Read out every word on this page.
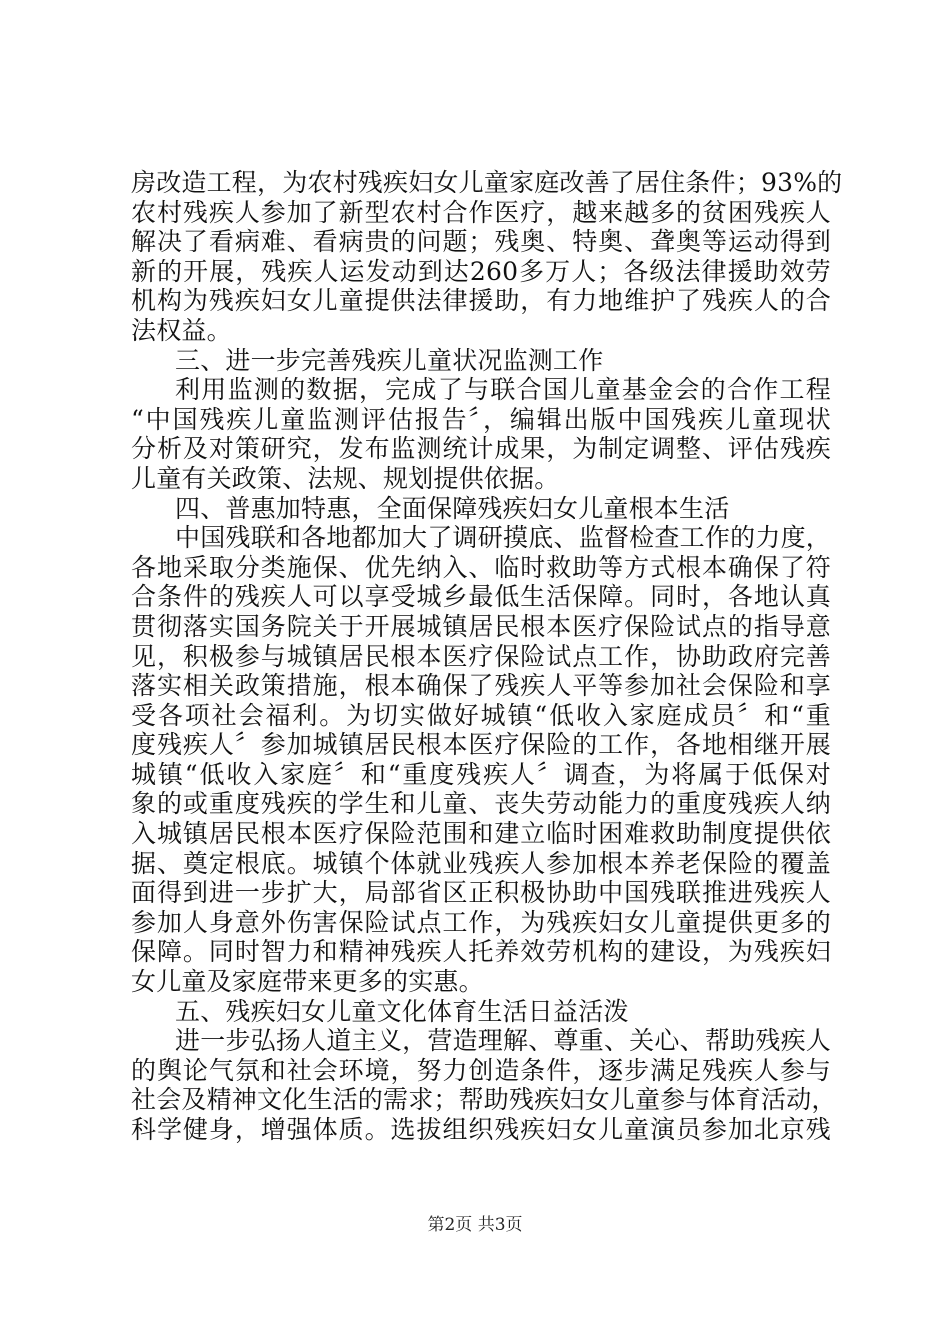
房改造工程，为农村残疾妇女儿童家庭改善了居住条件；93%的
农村残疾人参加了新型农村合作医疗，越来越多的贫困残疾人
解决了看病难、看病贵的问题；残奥、特奥、聋奥等运动得到
新的开展，残疾人运发动到达260多万人；各级法律援助效劳
机构为残疾妇女儿童提供法律援助，有力地维护了残疾人的合
法权益。
三、进一步完善残疾儿童状况监测工作
利用监测的数据，完成了与联合国儿童基金会的合作工程
“中国残疾儿童监测评估报告〞，编辑出版中国残疾儿童现状
分析及对策研究，发布监测统计成果，为制定调整、评估残疾
儿童有关政策、法规、规划提供依据。
四、普惠加特惠，全面保障残疾妇女儿童根本生活
中国残联和各地都加大了调研摸底、监督检查工作的力度，
各地采取分类施保、优先纳入、临时救助等方式根本确保了符
合条件的残疾人可以享受城乡最低生活保障。同时，各地认真
贯彻落实国务院关于开展城镇居民根本医疗保险试点的指导意
见，积极参与城镇居民根本医疗保险试点工作，协助政府完善
落实相关政策措施，根本确保了残疾人平等参加社会保险和享
受各项社会福利。为切实做好城镇“低收入家庭成员〞和“重
度残疾人〞参加城镇居民根本医疗保险的工作，各地相继开展
城镇“低收入家庭〞和“重度残疾人〞调查，为将属于低保对
象的或重度残疾的学生和儿童、丧失劳动能力的重度残疾人纳
入城镇居民根本医疗保险范围和建立临时困难救助制度提供依
据、奠定根底。城镇个体就业残疾人参加根本养老保险的覆盖
面得到进一步扩大，局部省区正积极协助中国残联推进残疾人
参加人身意外伤害保险试点工作，为残疾妇女儿童提供更多的
保障。同时智力和精神残疾人托养效劳机构的建设，为残疾妇
女儿童及家庭带来更多的实惠。
五、残疾妇女儿童文化体育生活日益活泼
进一步弘扬人道主义，营造理解、尊重、关心、帮助残疾人
的舆论气氛和社会环境，努力创造条件，逐步满足残疾人参与
社会及精神文化生活的需求；帮助残疾妇女儿童参与体育活动，
科学健身，增强体质。选拔组织残疾妇女儿童演员参加北京残
第2页 共3页
